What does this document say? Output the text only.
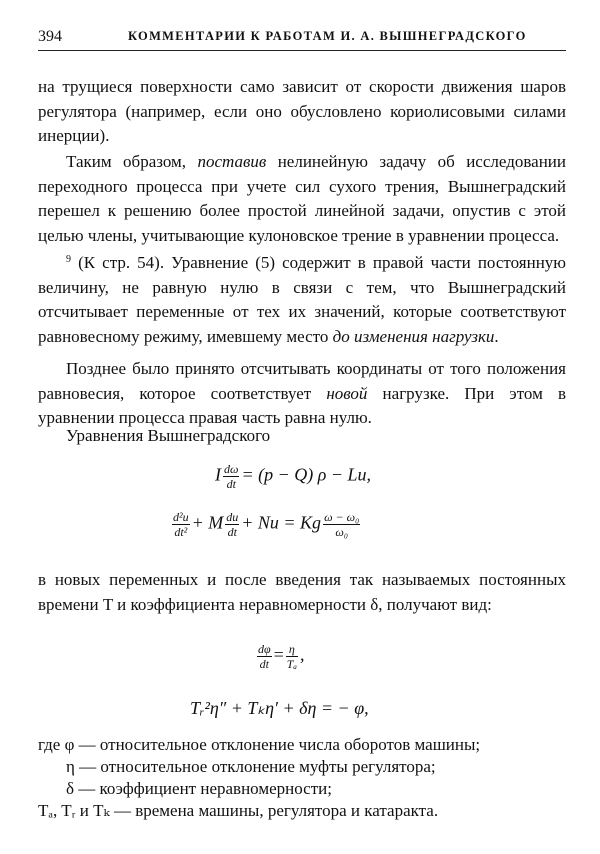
394	КОММЕНТАРИИ К РАБОТАМ И. А. ВЫШНЕГРАДСКОГО

на трущиеся поверхности само зависит от скорости движения шаров регулятора (например, если оно обусловлено кориолисовыми силами инерции).

Таким образом, поставив нелинейную задачу об исследовании переходного процесса при учете сил сухого трения, Вышнеградский перешел к решению более простой линейной задачи, опустив с этой целью члены, учитывающие кулоновское трение в уравнении процесса.

$^9$ (К стр. 54). Уравнение (5) содержит в правой части постоянную величину, не равную нулю в связи с тем, что Вышнеградский отсчитывает переменные от тех их значений, которые соответствуют равновесному режиму, имевшему место до изменения нагрузки.

Позднее было принято отсчитывать координаты от того положения равновесия, которое соответствует новой нагрузке. При этом в уравнении процесса правая часть равна нулю.

Уравнения Вышнеградского

I $\frac{d\omega}{dt} = (p - Q) \rho - Lu$,
$\frac{\text{d²u}}{\text{dt²}} + M \frac{du}{dt} + Nu = Kg \frac{\text{ω − ω₀}}{\text{ω₀}}$

в новых переменных и после введения так называемых постоянных времени T и коэффициента неравномерности δ, получают вид:

$\frac{d\varphi}{dt} = \frac{\eta}{\text{Tₐ}}$ ,
Tᵣ²η″ + Tₖη′ + δη = − φ,
где φ — относительное отклонение числа оборотов машины;
η — относительное отклонение муфты регулятора;
δ — коэффициент неравномерности;
Tₐ, Tᵣ и Tₖ — времена машины, регулятора и катаракта.
